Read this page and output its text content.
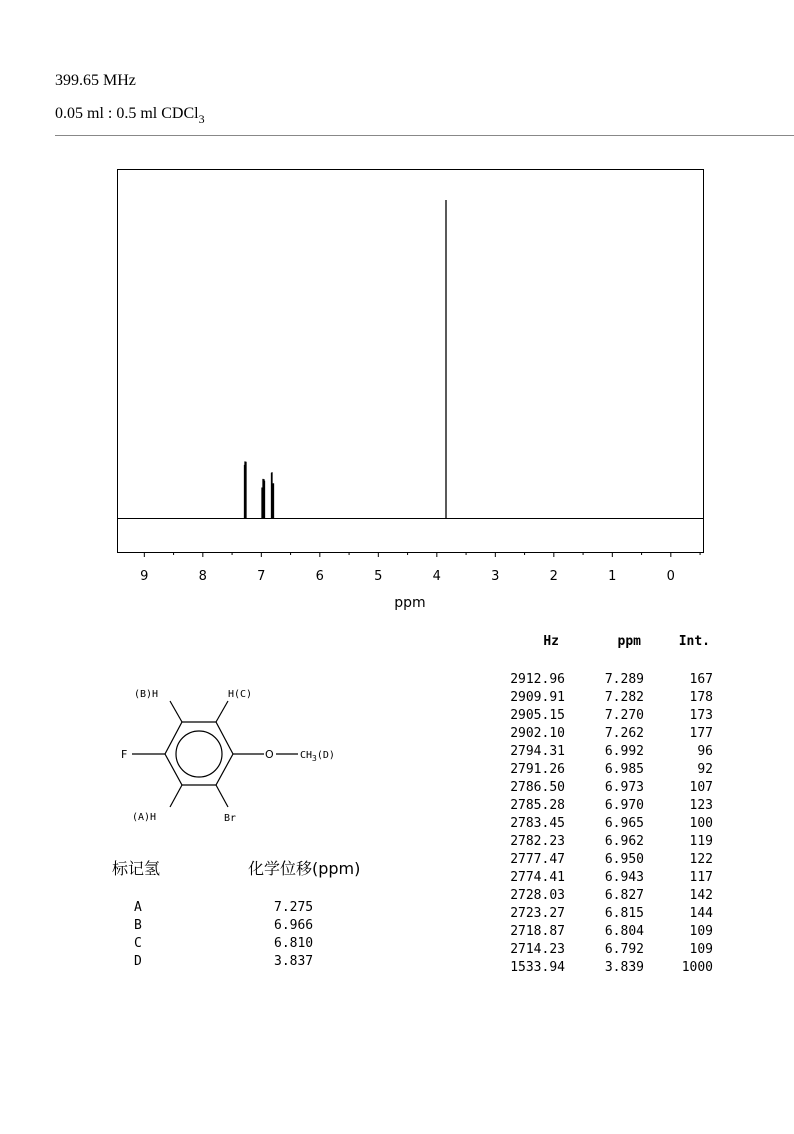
399.65 MHz
0.05 ml : 0.5 ml CDCl$_3$
9	8	7	6	5	4	3	2	1	0
ppm
(B)H	H(C)
F	O	$CH_3(D)$
(A)H	Br
标记氢	化学位移(ppm)
A	7.275
B	6.966
C	6.810
D	3.837
Hz	ppm	Int.
2912.96	7.289	167
2909.91	7.282	178
2905.15	7.270	173
2902.10	7.262	177
2794.31	6.992	96
2791.26	6.985	92
2786.50	6.973	107
2785.28	6.970	123
2783.45	6.965	100
2782.23	6.962	119
2777.47	6.950	122
2774.41	6.943	117
2728.03	6.827	142
2723.27	6.815	144
2718.87	6.804	109
2714.23	6.792	109
1533.94	3.839	1000
